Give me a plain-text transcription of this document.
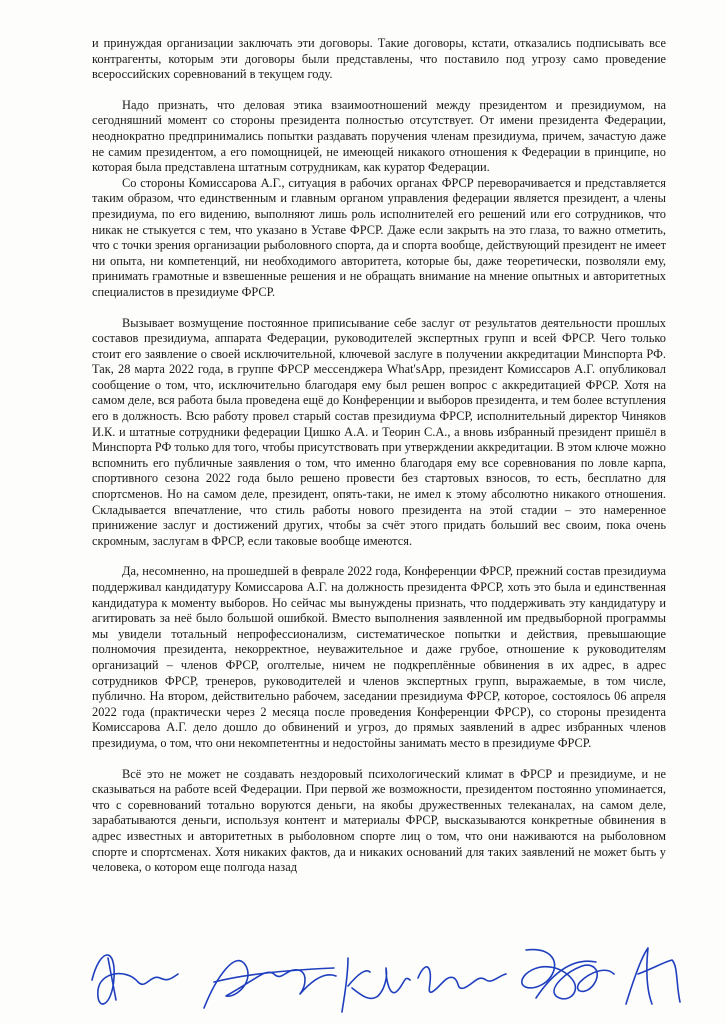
и принуждая организации заключать эти договоры. Такие договоры, кстати, отказались подписывать все контрагенты, которым эти договоры были представлены, что поставило под угрозу само проведение всероссийских соревнований в текущем году.

Надо признать, что деловая этика взаимоотношений между президентом и президиумом, на сегодняшний момент со стороны президента полностью отсутствует. От имени президента Федерации, неоднократно предпринимались попытки раздавать поручения членам президиума, причем, зачастую даже не самим президентом, а его помощницей, не имеющей никакого отношения к Федерации в принципе, но которая была представлена штатным сотрудникам, как куратор Федерации.

Со стороны Комиссарова А.Г., ситуация в рабочих органах ФРСР переворачивается и представляется таким образом, что единственным и главным органом управления федерации является президент, а члены президиума, по его видению, выполняют лишь роль исполнителей его решений или его сотрудников, что никак не стыкуется с тем, что указано в Уставе ФРСР. Даже если закрыть на это глаза, то важно отметить, что с точки зрения организации рыболовного спорта, да и спорта вообще, действующий президент не имеет ни опыта, ни компетенций, ни необходимого авторитета, которые бы, даже теоретически, позволяли ему, принимать грамотные и взвешенные решения и не обращать внимание на мнение опытных и авторитетных специалистов в президиуме ФРСР.

Вызывает возмущение постоянное приписывание себе заслуг от результатов деятельности прошлых составов президиума, аппарата Федерации, руководителей экспертных групп и всей ФРСР. Чего только стоит его заявление о своей исключительной, ключевой заслуге в получении аккредитации Минспорта РФ. Так, 28 марта 2022 года, в группе ФРСР мессенджера What'sApp, президент Комиссаров А.Г. опубликовал сообщение о том, что, исключительно благодаря ему был решен вопрос с аккредитацией ФРСР. Хотя на самом деле, вся работа была проведена ещё до Конференции и выборов президента, и тем более вступления его в должность. Всю работу провел старый состав президиума ФРСР, исполнительный директор Чиняков И.К. и штатные сотрудники федерации Цишко А.А. и Теорин С.А., а вновь избранный президент пришёл в Минспорта РФ только для того, чтобы присутствовать при утверждении аккредитации. В этом ключе можно вспомнить его публичные заявления о том, что именно благодаря ему все соревнования по ловле карпа, спортивного сезона 2022 года было решено провести без стартовых взносов, то есть, бесплатно для спортсменов. Но на самом деле, президент, опять-таки, не имел к этому абсолютно никакого отношения. Складывается впечатление, что стиль работы нового президента на этой стадии – это намеренное принижение заслуг и достижений других, чтобы за счёт этого придать больший вес своим, пока очень скромным, заслугам в ФРСР, если таковые вообще имеются.

Да, несомненно, на прошедшей в феврале 2022 года, Конференции ФРСР, прежний состав президиума поддерживал кандидатуру Комиссарова А.Г. на должность президента ФРСР, хоть это была и единственная кандидатура к моменту выборов. Но сейчас мы вынуждены признать, что поддерживать эту кандидатуру и агитировать за неё было большой ошибкой. Вместо выполнения заявленной им предвыборной программы мы увидели тотальный непрофессионализм, систематическое попытки и действия, превышающие полномочия президента, некорректное, неуважительное и даже грубое, отношение к руководителям организаций – членов ФРСР, оголтелые, ничем не подкреплённые обвинения в их адрес, в адрес сотрудников ФРСР, тренеров, руководителей и членов экспертных групп, выражаемые, в том числе, публично. На втором, действительно рабочем, заседании президиума ФРСР, которое, состоялось 06 апреля 2022 года (практически через 2 месяца после проведения Конференции ФРСР), со стороны президента Комиссарова А.Г. дело дошло до обвинений и угроз, до прямых заявлений в адрес избранных членов президиума, о том, что они некомпетентны и недостойны занимать место в президиуме ФРСР.

Всё это не может не создавать нездоровый психологический климат в ФРСР и президиуме, и не сказываться на работе всей Федерации. При первой же возможности, президентом постоянно упоминается, что с соревнований тотально воруются деньги, на якобы дружественных телеканалах, на самом деле, зарабатываются деньги, используя контент и материалы ФРСР, высказываются конкретные обвинения в адрес известных и авторитетных в рыболовном спорте лиц о том, что они наживаются на рыболовном спорте и спортсменах. Хотя никаких фактов, да и никаких оснований для таких заявлений не может быть у человека, о котором еще полгода назад
